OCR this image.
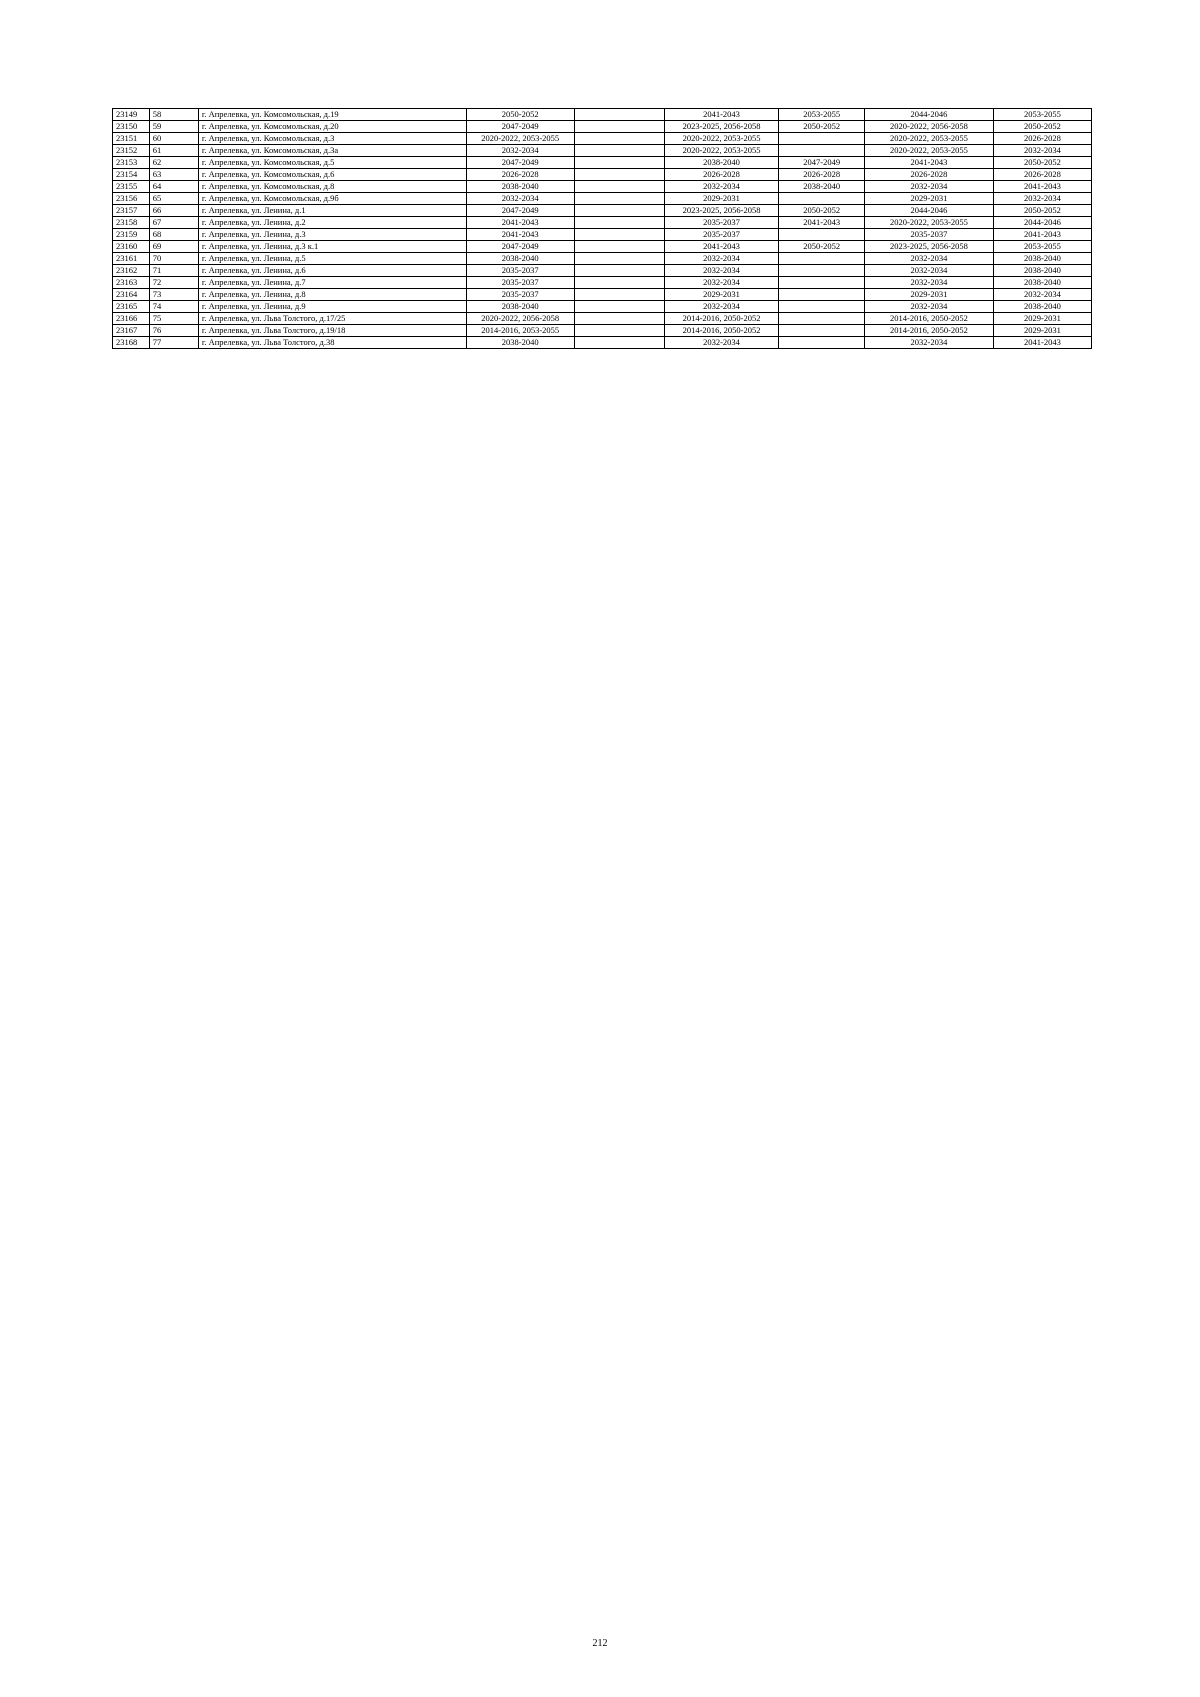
23149	58	г. Апрелевка, ул. Комсомольская, д.19	2050-2052		2041-2043	2053-2055	2044-2046	2053-2055
23150	59	г. Апрелевка, ул. Комсомольская, д.20	2047-2049		2023-2025, 2056-2058	2050-2052	2020-2022, 2056-2058	2050-2052
23151	60	г. Апрелевка, ул. Комсомольская, д.3	2020-2022, 2053-2055		2020-2022, 2053-2055		2020-2022, 2053-2055	2026-2028
23152	61	г. Апрелевка, ул. Комсомольская, д.3а	2032-2034		2020-2022, 2053-2055		2020-2022, 2053-2055	2032-2034
23153	62	г. Апрелевка, ул. Комсомольская, д.5	2047-2049		2038-2040	2047-2049	2041-2043	2050-2052
23154	63	г. Апрелевка, ул. Комсомольская, д.6	2026-2028		2026-2028	2026-2028	2026-2028	2026-2028
23155	64	г. Апрелевка, ул. Комсомольская, д.8	2038-2040		2032-2034	2038-2040	2032-2034	2041-2043
23156	65	г. Апрелевка, ул. Комсомольская, д.9б	2032-2034		2029-2031		2029-2031	2032-2034
23157	66	г. Апрелевка, ул. Ленина, д.1	2047-2049		2023-2025, 2056-2058	2050-2052	2044-2046	2050-2052
23158	67	г. Апрелевка, ул. Ленина, д.2	2041-2043		2035-2037	2041-2043	2020-2022, 2053-2055	2044-2046
23159	68	г. Апрелевка, ул. Ленина, д.3	2041-2043		2035-2037		2035-2037	2041-2043
23160	69	г. Апрелевка, ул. Ленина, д.3 к.1	2047-2049		2041-2043	2050-2052	2023-2025, 2056-2058	2053-2055
23161	70	г. Апрелевка, ул. Ленина, д.5	2038-2040		2032-2034		2032-2034	2038-2040
23162	71	г. Апрелевка, ул. Ленина, д.6	2035-2037		2032-2034		2032-2034	2038-2040
23163	72	г. Апрелевка, ул. Ленина, д.7	2035-2037		2032-2034		2032-2034	2038-2040
23164	73	г. Апрелевка, ул. Ленина, д.8	2035-2037		2029-2031		2029-2031	2032-2034
23165	74	г. Апрелевка, ул. Ленина, д.9	2038-2040		2032-2034		2032-2034	2038-2040
23166	75	г. Апрелевка, ул. Льва Толстого, д.17/25	2020-2022, 2056-2058		2014-2016, 2050-2052		2014-2016, 2050-2052	2029-2031
23167	76	г. Апрелевка, ул. Льва Толстого, д.19/18	2014-2016, 2053-2055		2014-2016, 2050-2052		2014-2016, 2050-2052	2029-2031
23168	77	г. Апрелевка, ул. Льва Толстого, д.38	2038-2040		2032-2034		2032-2034	2041-2043
212
